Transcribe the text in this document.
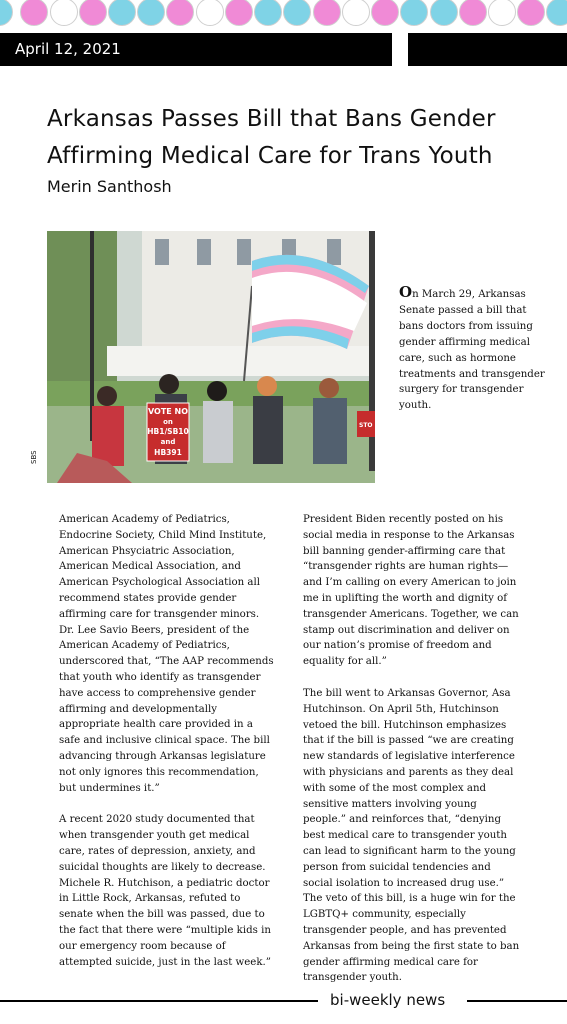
April 12, 2021
Arkansas Passes Bill that Bans Gender
Affirming Medical Care for Trans Youth
Merin Santhosh
VOTE NO
on
HB1/SB10
and
HB391
STO
SBS

On March 29, Arkansas Senate passed a bill that bans doctors from issuing gender affirming medical care, such as hormone treatments and transgender surgery for transgender youth.

American Academy of Pediatrics, Endocrine Society, Child Mind Institute, American Phsyciatric Association, American Medical Association, and American Psychological Association all recommend states provide gender affirming care for transgender minors. Dr. Lee Savio Beers, president of the American Academy of Pediatrics, underscored that, “The AAP recommends that youth who identify as transgender have access to comprehensive gender affirming and developmentally appropriate health care provided in a safe and inclusive clinical space. The bill advancing through Arkansas legislature not only ignores this recommendation, but undermines it.”

A recent 2020 study documented that when transgender youth get medical care, rates of depression, anxiety, and suicidal thoughts are likely to decrease. Michele R. Hutchison, a pediatric doctor in Little Rock, Arkansas, refuted to senate when the bill was passed, due to the fact that there were “multiple kids in our emergency room because of attempted suicide, just in the last week.”

President Biden recently posted on his social media in response to the Arkansas bill banning gender-affirming care that “transgender rights are human rights—and I’m calling on every American to join me in uplifting the worth and dignity of transgender Americans. Together, we can stamp out discrimination and deliver on our nation’s promise of freedom and equality for all.”

The bill went to Arkansas Governor, Asa Hutchinson. On April 5th, Hutchinson vetoed the bill. Hutchinson emphasizes that if the bill is passed “we are creating new standards of legislative interference with physicians and parents as they deal with some of the most complex and sensitive matters involving young people.” and reinforces that, “denying best medical care to transgender youth can lead to significant harm to the young person from suicidal tendencies and social isolation to increased drug use.” The veto of this bill, is a huge win for the LGBTQ+ community, especially transgender people, and has prevented Arkansas from being the first state to ban gender affirming medical care for transgender youth.

bi-weekly news
